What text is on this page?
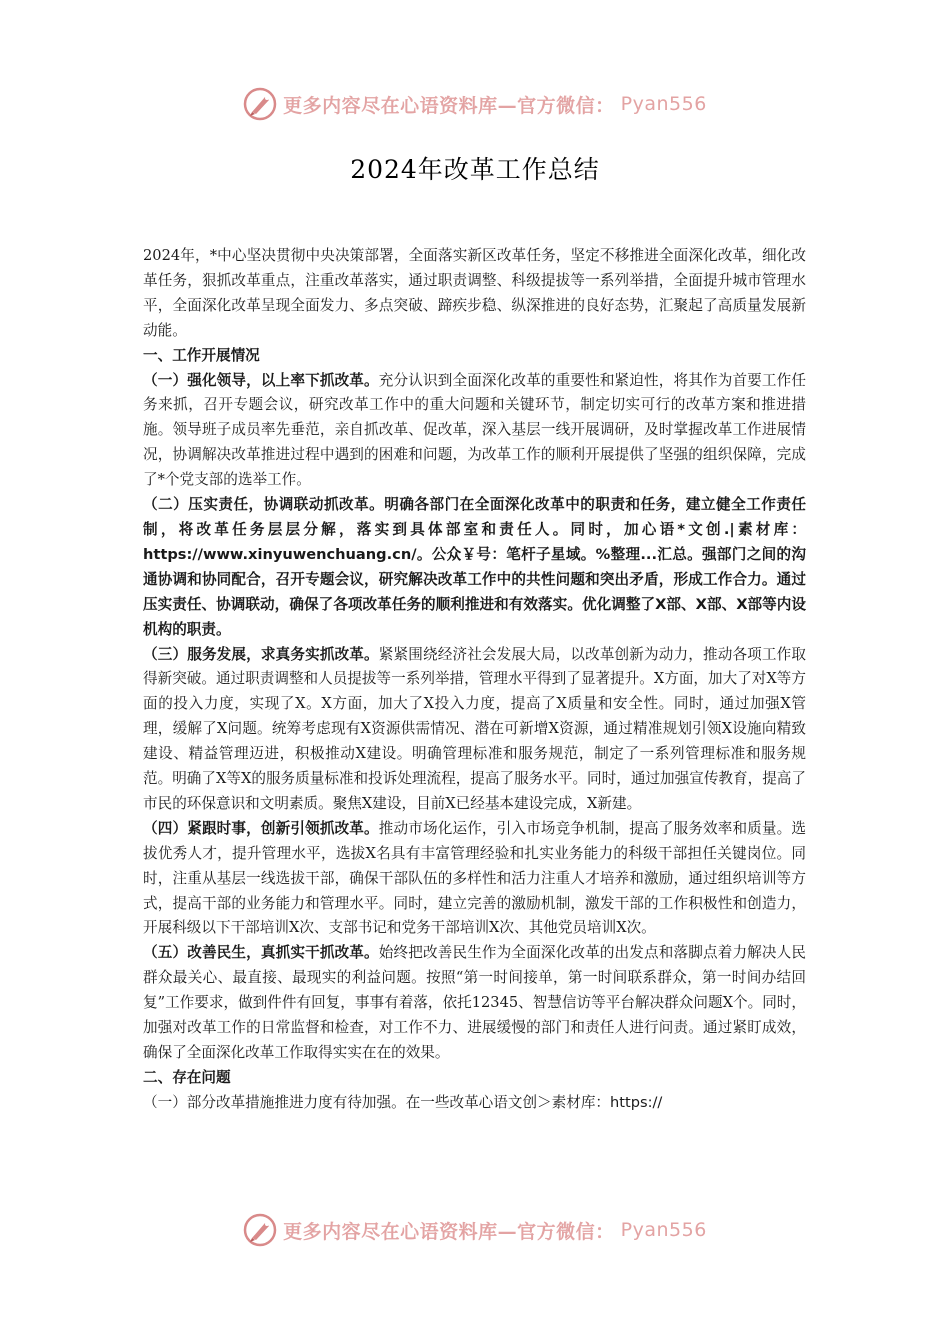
更多内容尽在心语资料库—官方微信： Pyan556
2024年改革工作总结

2024年，*中心坚决贯彻中央决策部署，全面落实新区改革任务，坚定不移推进全面深化改革，细化改革任务，狠抓改革重点，注重改革落实，通过职责调整、科级提拔等一系列举措，全面提升城市管理水平，全面深化改革呈现全面发力、多点突破、蹄疾步稳、纵深推进的良好态势，汇聚起了高质量发展新动能。

一、工作开展情况

（一）强化领导，以上率下抓改革。充分认识到全面深化改革的重要性和紧迫性，将其作为首要工作任务来抓，召开专题会议，研究改革工作中的重大问题和关键环节，制定切实可行的改革方案和推进措施。领导班子成员率先垂范，亲自抓改革、促改革，深入基层一线开展调研，及时掌握改革工作进展情况，协调解决改革推进过程中遇到的困难和问题，为改革工作的顺利开展提供了坚强的组织保障，完成了*个党支部的选举工作。

（二）压实责任，协调联动抓改革。明确各部门在全面深化改革中的职责和任务，建立健全工作责任制，将改革任务层层分解，落实到具体部室和责任人。同时，加心语*文创.|素材库：https://www.xinyuwenchuang.cn/。公众￥号：笔杆子星域。%整理...汇总。强部门之间的沟通协调和协同配合，召开专题会议，研究解决改革工作中的共性问题和突出矛盾，形成工作合力。通过压实责任、协调联动，确保了各项改革任务的顺利推进和有效落实。优化调整了X部、X部、X部等内设机构的职责。

（三）服务发展，求真务实抓改革。紧紧围绕经济社会发展大局，以改革创新为动力，推动各项工作取得新突破。通过职责调整和人员提拔等一系列举措，管理水平得到了显著提升。X方面，加大了对X等方面的投入力度，实现了X。X方面，加大了X投入力度，提高了X质量和安全性。同时，通过加强X管理，缓解了X问题。统筹考虑现有X资源供需情况、潜在可新增X资源，通过精准规划引领X设施向精致建设、精益管理迈进，积极推动X建设。明确管理标准和服务规范，制定了一系列管理标准和服务规范。明确了X等X的服务质量标准和投诉处理流程，提高了服务水平。同时，通过加强宣传教育，提高了市民的环保意识和文明素质。聚焦X建设，目前X已经基本建设完成，X新建。

（四）紧跟时事，创新引领抓改革。推动市场化运作，引入市场竞争机制，提高了服务效率和质量。选拔优秀人才，提升管理水平，选拔X名具有丰富管理经验和扎实业务能力的科级干部担任关键岗位。同时，注重从基层一线选拔干部，确保干部队伍的多样性和活力注重人才培养和激励，通过组织培训等方式，提高干部的业务能力和管理水平。同时，建立完善的激励机制，激发干部的工作积极性和创造力，开展科级以下干部培训X次、支部书记和党务干部培训X次、其他党员培训X次。

（五）改善民生，真抓实干抓改革。始终把改善民生作为全面深化改革的出发点和落脚点着力解决人民群众最关心、最直接、最现实的利益问题。按照“第一时间接单，第一时间联系群众，第一时间办结回复”工作要求，做到件件有回复，事事有着落，依托12345、智慧信访等平台解决群众问题X个。同时，加强对改革工作的日常监督和检查，对工作不力、进展缓慢的部门和责任人进行问责。通过紧盯成效，确保了全面深化改革工作取得实实在在的效果。

二、存在问题

（一）部分改革措施推进力度有待加强。在一些改革心语文创＞素材库：https://

更多内容尽在心语资料库—官方微信： Pyan556
